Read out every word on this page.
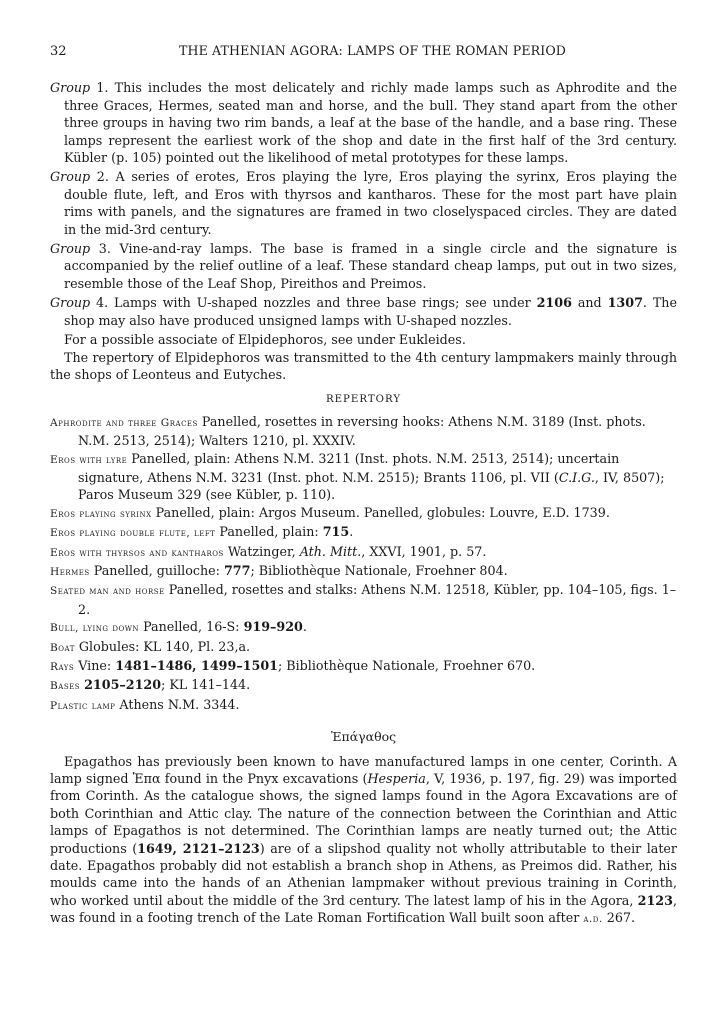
32	THE ATHENIAN AGORA: LAMPS OF THE ROMAN PERIOD

Group 1. This includes the most delicately and richly made lamps such as Aphrodite and the three Graces, Hermes, seated man and horse, and the bull. They stand apart from the other three groups in having two rim bands, a leaf at the base of the handle, and a base ring. These lamps represent the earliest work of the shop and date in the first half of the 3rd century. Kübler (p. 105) pointed out the likelihood of metal prototypes for these lamps.

Group 2. A series of erotes, Eros playing the lyre, Eros playing the syrinx, Eros playing the double flute, left, and Eros with thyrsos and kantharos. These for the most part have plain rims with panels, and the signatures are framed in two closelyspaced circles. They are dated in the mid-3rd century.

Group 3. Vine-and-ray lamps. The base is framed in a single circle and the signature is accompanied by the relief outline of a leaf. These standard cheap lamps, put out in two sizes, resemble those of the Leaf Shop, Pireithos and Preimos.

Group 4. Lamps with U-shaped nozzles and three base rings; see under 2106 and 1307. The shop may also have produced unsigned lamps with U-shaped nozzles.

For a possible associate of Elpidephoros, see under Eukleides.

The repertory of Elpidephoros was transmitted to the 4th century lampmakers mainly through the shops of Leonteus and Eutyches.

REPERTORY

Aphrodite and three Graces Panelled, rosettes in reversing hooks: Athens N.M. 3189 (Inst. phots. N.M. 2513, 2514); Walters 1210, pl. XXXIV.

Eros with lyre Panelled, plain: Athens N.M. 3211 (Inst. phots. N.M. 2513, 2514); uncertain signature, Athens N.M. 3231 (Inst. phot. N.M. 2515); Brants 1106, pl. VII (C.I.G., IV, 8507); Paros Museum 329 (see Kübler, p. 110).

Eros playing syrinx Panelled, plain: Argos Museum. Panelled, globules: Louvre, E.D. 1739.

Eros playing double flute, left Panelled, plain: 715.

Eros with thyrsos and kantharos Watzinger, Ath. Mitt., XXVI, 1901, p. 57.

Hermes Panelled, guilloche: 777; Bibliothèque Nationale, Froehner 804.

Seated man and horse Panelled, rosettes and stalks: Athens N.M. 12518, Kübler, pp. 104–105, figs. 1–2.

Bull, lying down Panelled, 16-S: 919–920.

Boat Globules: KL 140, Pl. 23,a.

Rays Vine: 1481–1486, 1499–1501; Bibliothèque Nationale, Froehner 670.

Bases 2105–2120; KL 141–144.

Plastic lamp Athens N.M. 3344.

Ἐπάγαθος

Epagathos has previously been known to have manufactured lamps in one center, Corinth. A lamp signed Ἐπα found in the Pnyx excavations (Hesperia, V, 1936, p. 197, fig. 29) was imported from Corinth. As the catalogue shows, the signed lamps found in the Agora Excavations are of both Corinthian and Attic clay. The nature of the connection between the Corinthian and Attic lamps of Epagathos is not determined. The Corinthian lamps are neatly turned out; the Attic productions (1649, 2121–2123) are of a slipshod quality not wholly attributable to their later date. Epagathos probably did not establish a branch shop in Athens, as Preimos did. Rather, his moulds came into the hands of an Athenian lampmaker without previous training in Corinth, who worked until about the middle of the 3rd century. The latest lamp of his in the Agora, 2123, was found in a footing trench of the Late Roman Fortification Wall built soon after a.d. 267.
